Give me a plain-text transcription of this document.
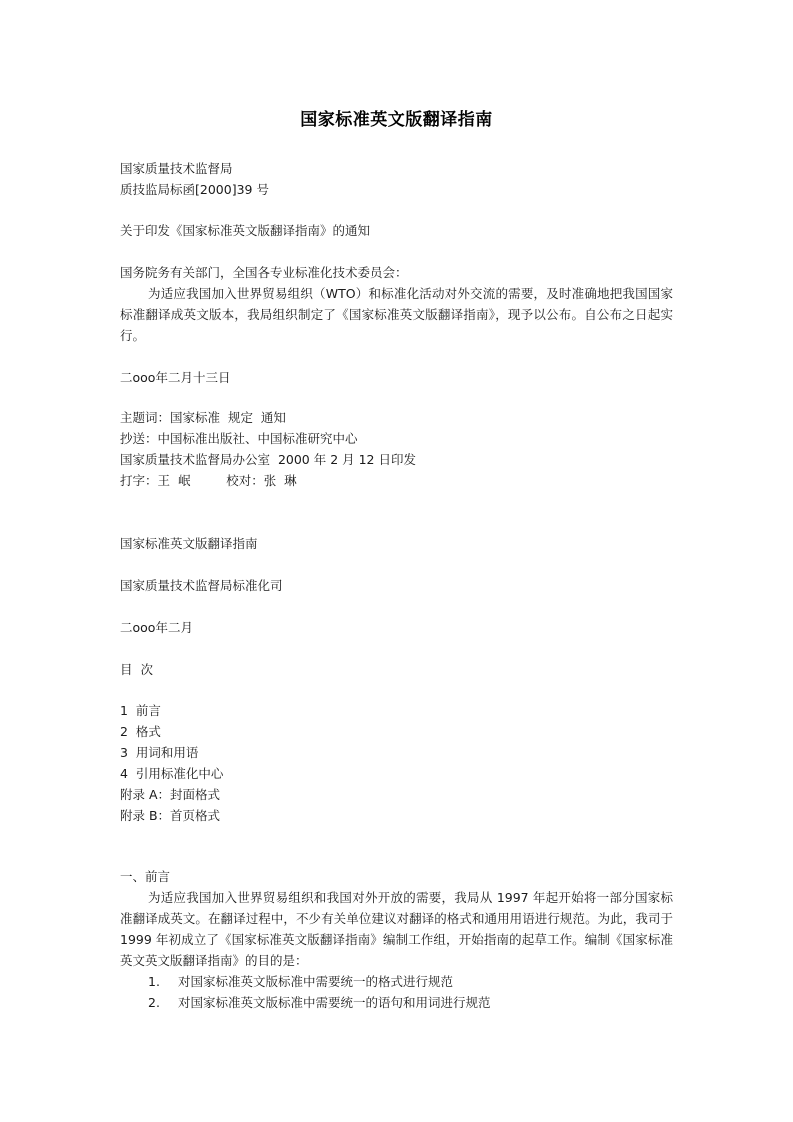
国家标准英文版翻译指南
国家质量技术监督局
质技监局标函[2000]39 号
关于印发《国家标准英文版翻译指南》的通知
国务院务有关部门，全国各专业标准化技术委员会：
为适应我国加入世界贸易组织（WTO）和标准化活动对外交流的需要，及时准确地把我国国家标准翻译成英文版本，我局组织制定了《国家标准英文版翻译指南》，现予以公布。自公布之日起实行。
二ooo年二月十三日
主题词：国家标准  规定  通知
抄送：中国标准出版社、中国标准研究中心
国家质量技术监督局办公室  2000 年 2 月 12 日印发
打字：王  岷         校对：张  琳
国家标准英文版翻译指南
国家质量技术监督局标准化司
二ooo年二月
目  次
1  前言
2  格式
3  用词和用语
4  引用标准化中心
附录 A：封面格式
附录 B：首页格式
一、前言
为适应我国加入世界贸易组织和我国对外开放的需要，我局从 1997 年起开始将一部分国家标准翻译成英文。在翻译过程中，不少有关单位建议对翻译的格式和通用用语进行规范。为此，我司于 1999 年初成立了《国家标准英文版翻译指南》编制工作组，开始指南的起草工作。编制《国家标准英文英文版翻译指南》的目的是：
1. 对国家标准英文版标准中需要统一的格式进行规范
2. 对国家标准英文版标准中需要统一的语句和用词进行规范
